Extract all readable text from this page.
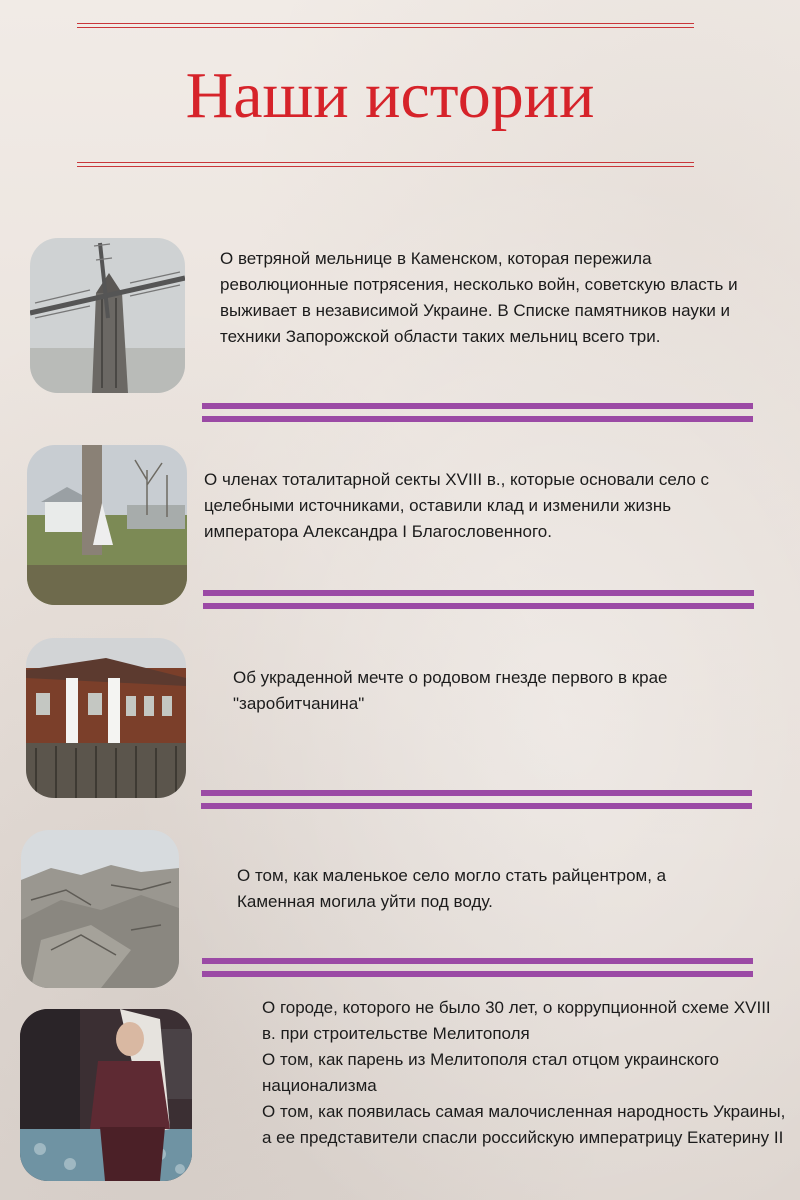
Наши истории

О ветряной мельнице в Каменском, которая пережила революционные потрясения, несколько войн, советскую власть и выживает в независимой Украине. В Списке памятников науки и техники Запорожской области таких мельниц всего три.

О членах тоталитарной секты XVIII в., которые основали село с целебными источниками, оставили клад и изменили жизнь императора Александра I Благословенного.

Об украденной мечте о родовом гнезде первого в крае "заробитчанина"

О том, как маленькое село могло стать райцентром, а Каменная могила уйти под воду.

О городе, которого не было 30 лет, о коррупционной схеме XVIII в. при строительстве Мелитополя
О том, как парень из Мелитополя стал отцом украинского национализма
О том, как появилась самая малочисленная народность Украины, а ее представители спасли российскую императрицу Екатерину II
